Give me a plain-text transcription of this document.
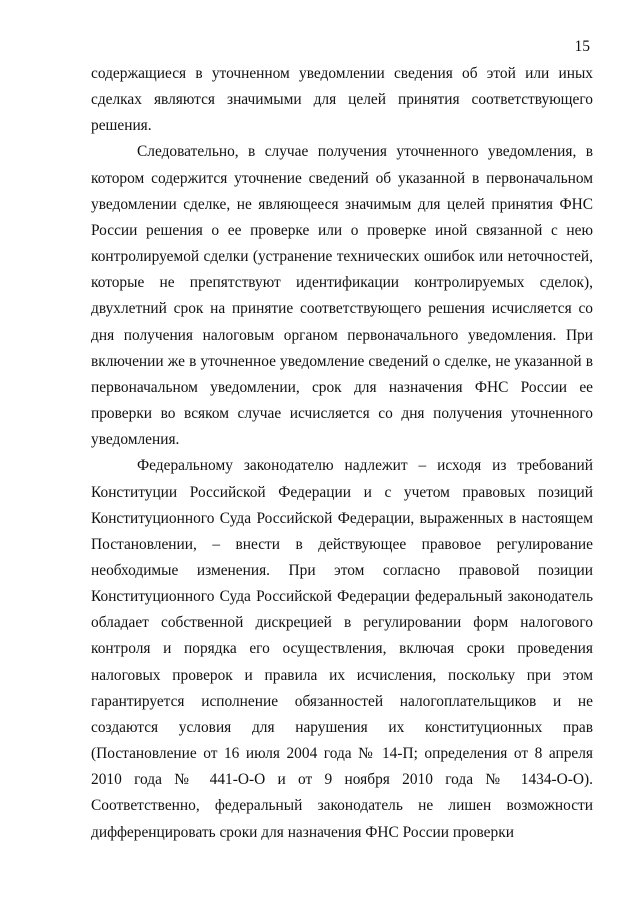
15
содержащиеся в уточненном уведомлении сведения об этой или иных
сделках являются значимыми для целей принятия соответствующего
решения.
Следовательно, в случае получения уточненного уведомления, в
котором содержится уточнение сведений об указанной в первоначальном
уведомлении сделке, не являющееся значимым для целей принятия ФНС
России решения о ее проверке или о проверке иной связанной с нею
контролируемой сделки (устранение технических ошибок или неточностей,
которые не препятствуют идентификации контролируемых сделок),
двухлетний срок на принятие соответствующего решения исчисляется со
дня получения налоговым органом первоначального уведомления. При
включении же в уточненное уведомление сведений о сделке, не указанной в
первоначальном уведомлении, срок для назначения ФНС России ее
проверки во всяком случае исчисляется со дня получения уточненного
уведомления.
Федеральному законодателю надлежит – исходя из требований
Конституции Российской Федерации и с учетом правовых позиций
Конституционного Суда Российской Федерации, выраженных в настоящем
Постановлении, – внести в действующее правовое регулирование
необходимые изменения. При этом согласно правовой позиции
Конституционного Суда Российской Федерации федеральный законодатель
обладает собственной дискрецией в регулировании форм налогового
контроля и порядка его осуществления, включая сроки проведения
налоговых проверок и правила их исчисления, поскольку при этом
гарантируется исполнение обязанностей налогоплательщиков и не
создаются условия для нарушения их конституционных прав
(Постановление от 16 июля 2004 года № 14-П; определения от 8 апреля
2010 года № 441-О-О и от 9 ноября 2010 года № 1434-О-О).
Соответственно, федеральный законодатель не лишен возможности
дифференцировать сроки для назначения ФНС России проверки
